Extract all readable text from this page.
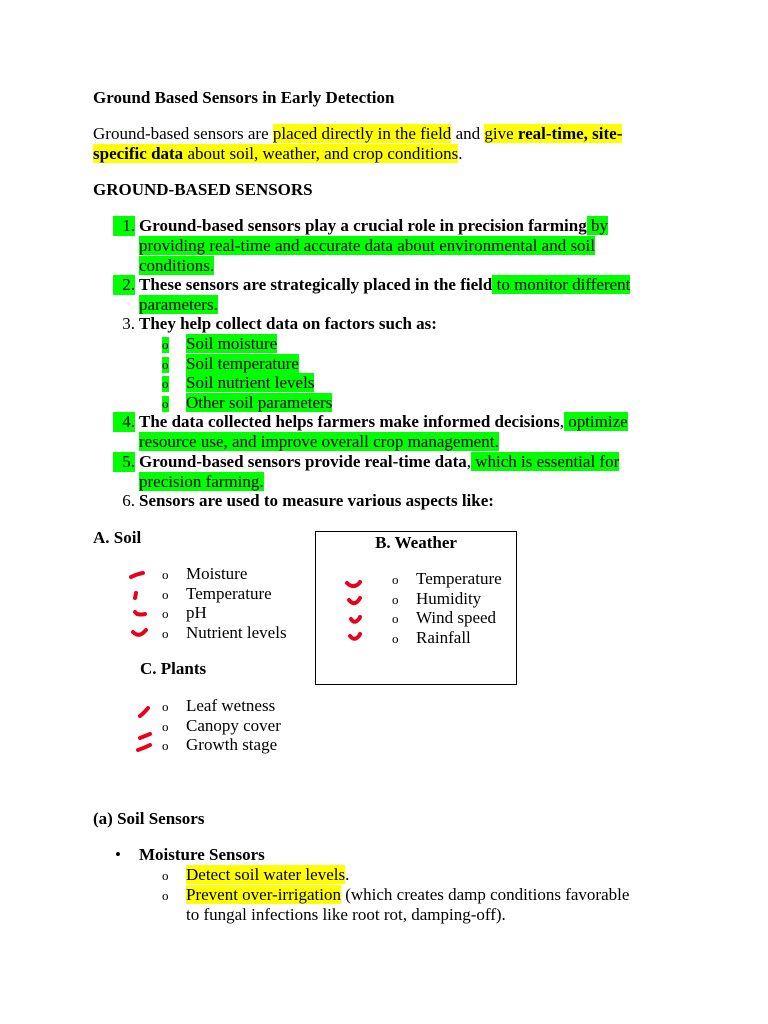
Ground Based Sensors in Early Detection
Ground-based sensors are placed directly in the field and give real-time, site-
specific data about soil, weather, and crop conditions.
GROUND-BASED SENSORS
1. Ground-based sensors play a crucial role in precision farming by
providing real-time and accurate data about environmental and soil
conditions.
2. These sensors are strategically placed in the field to monitor different
parameters.
3. They help collect data on factors such as:
o Soil moisture
o Soil temperature
o Soil nutrient levels
o Other soil parameters
4. The data collected helps farmers make informed decisions, optimize
resource use, and improve overall crop management.
5. Ground-based sensors provide real-time data, which is essential for
precision farming.
6. Sensors are used to measure various aspects like:
A. Soil
o Moisture
o Temperature
o pH
o Nutrient levels
B. Weather
o Temperature
o Humidity
o Wind speed
o Rainfall
C. Plants
o Leaf wetness
o Canopy cover
o Growth stage
(a) Soil Sensors
• Moisture Sensors
o Detect soil water levels.
o Prevent over-irrigation (which creates damp conditions favorable
to fungal infections like root rot, damping-off).
